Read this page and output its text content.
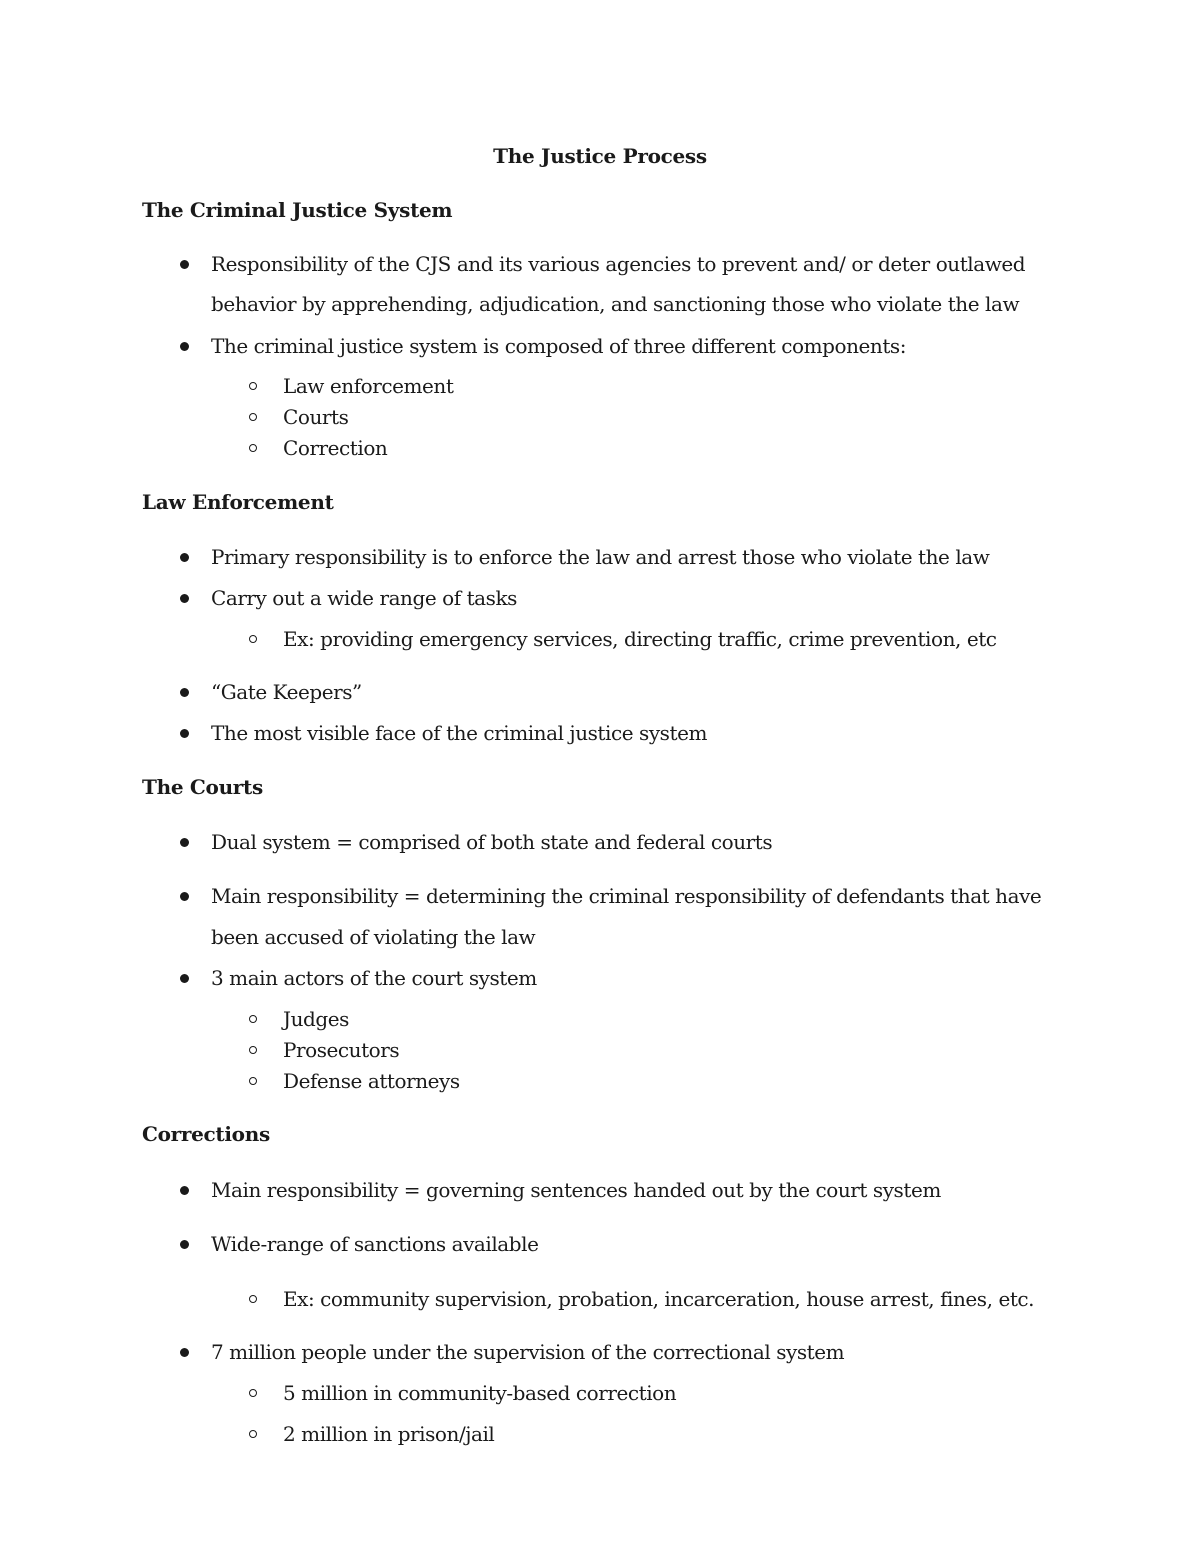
The Justice Process
The Criminal Justice System
Responsibility of the CJS and its various agencies to prevent and/ or deter outlawed
behavior by apprehending, adjudication, and sanctioning those who violate the law
The criminal justice system is composed of three different components:
Law enforcement
Courts
Correction
Law Enforcement
Primary responsibility is to enforce the law and arrest those who violate the law
Carry out a wide range of tasks
Ex: providing emergency services, directing traffic, crime prevention, etc
“Gate Keepers”
The most visible face of the criminal justice system
The Courts
Dual system = comprised of both state and federal courts
Main responsibility = determining the criminal responsibility of defendants that have
been accused of violating the law
3 main actors of the court system
Judges
Prosecutors
Defense attorneys
Corrections
Main responsibility = governing sentences handed out by the court system
Wide-range of sanctions available
Ex: community supervision, probation, incarceration, house arrest, fines, etc.
7 million people under the supervision of the correctional system
5 million in community-based correction
2 million in prison/jail
